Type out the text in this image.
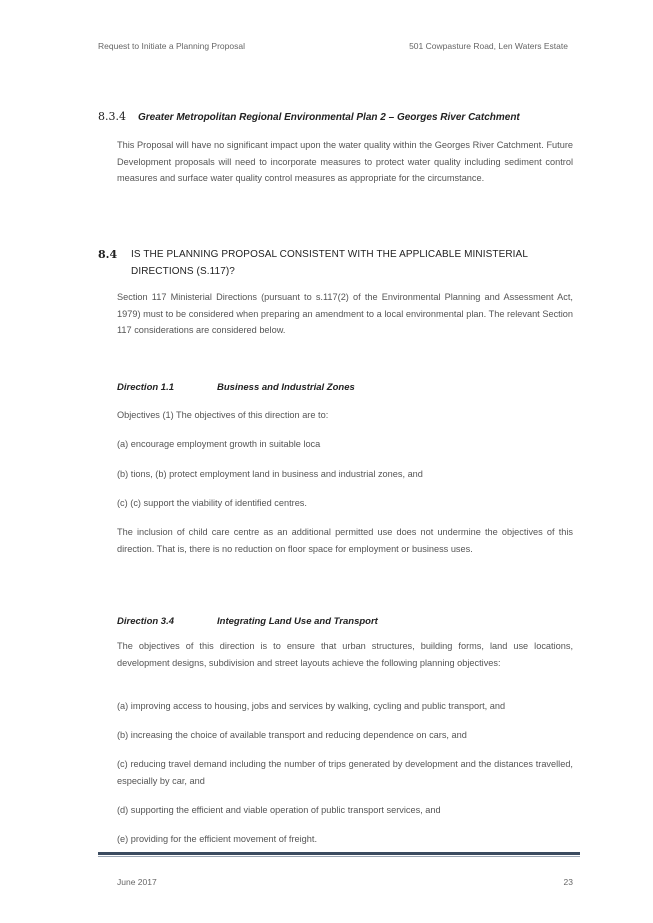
Request to Initiate a Planning Proposal	501 Cowpasture Road, Len Waters Estate
8.3.4 Greater Metropolitan Regional Environmental Plan 2 – Georges River Catchment
This Proposal will have no significant impact upon the water quality within the Georges River Catchment. Future Development proposals will need to incorporate measures to protect water quality including sediment control measures and surface water quality control measures as appropriate for the circumstance.
8.4 IS THE PLANNING PROPOSAL CONSISTENT WITH THE APPLICABLE MINISTERIAL
DIRECTIONS (S.117)?
Section 117 Ministerial Directions (pursuant to s.117(2) of the Environmental Planning and Assessment Act, 1979) must to be considered when preparing an amendment to a local environmental plan. The relevant Section 117 considerations are considered below.
Direction 1.1	Business and Industrial Zones
Objectives (1) The objectives of this direction are to:
(a) encourage employment growth in suitable loca
(b) tions, (b) protect employment land in business and industrial zones, and
(c) (c) support the viability of identified centres.
The inclusion of child care centre as an additional permitted use does not undermine the objectives of this direction. That is, there is no reduction on floor space for employment or business uses.
Direction 3.4	Integrating Land Use and Transport
The objectives of this direction is to ensure that urban structures, building forms, land use locations, development designs, subdivision and street layouts achieve the following planning objectives:
(a) improving access to housing, jobs and services by walking, cycling and public transport, and
(b) increasing the choice of available transport and reducing dependence on cars, and
(c) reducing travel demand including the number of trips generated by development and the distances travelled, especially by car, and
(d) supporting the efficient and viable operation of public transport services, and
(e) providing for the efficient movement of freight.
June 2017	23
